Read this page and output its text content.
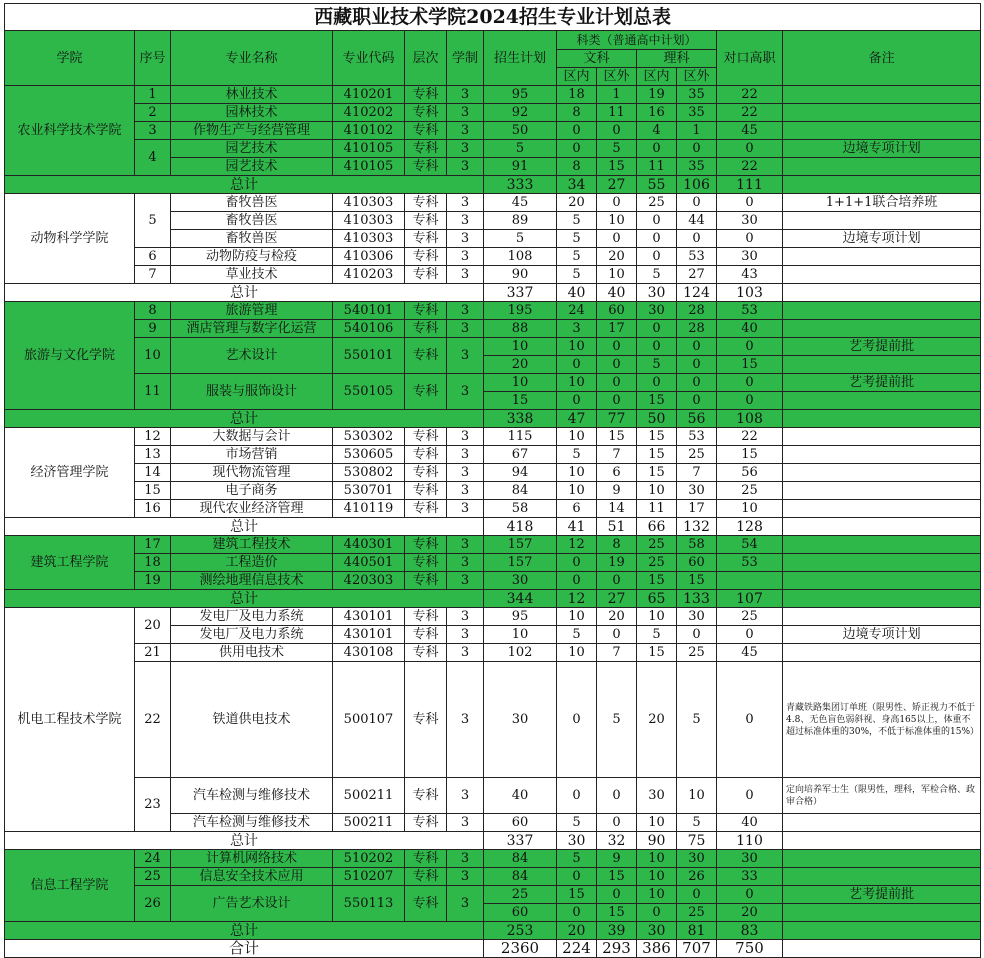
西藏职业技术学院2024招生专业计划总表												
学院	序号	专业名称	专业代码	层次	学制	招生计划	科类（普通高中计划）				对口高职	备注
							文科		理科			
							区内	区外	区内	区外		
农业科学技术学院	1	林业技术	410201	专科	3	95	18	1	19	35	22	
	2	园林技术	410202	专科	3	92	8	11	16	35	22	
	3	作物生产与经营管理	410102	专科	3	50	0	0	4	1	45	
	4	园艺技术	410105	专科	3	5	0	5	0	0	0	边境专项计划
		园艺技术	410105	专科	3	91	8	15	11	35	22	
总计						333	34	27	55	106	111	
动物科学学院	5	畜牧兽医	410303	专科	3	45	20	0	25	0	0	1+1+1联合培养班
		畜牧兽医	410303	专科	3	89	5	10	0	44	30	
		畜牧兽医	410303	专科	3	5	5	0	0	0	0	边境专项计划
	6	动物防疫与检疫	410306	专科	3	108	5	20	0	53	30	
	7	草业技术	410203	专科	3	90	5	10	5	27	43	
总计						337	40	40	30	124	103	
旅游与文化学院	8	旅游管理	540101	专科	3	195	24	60	30	28	53	
	9	酒店管理与数字化运营	540106	专科	3	88	3	17	0	28	40	
	10	艺术设计	550101	专科	3	10	10	0	0	0	0	艺考提前批
						20	0	0	5	0	15	
	11	服装与服饰设计	550105	专科	3	10	10	0	0	0	0	艺考提前批
						15	0	0	15	0	0	
总计						338	47	77	50	56	108	
经济管理学院	12	大数据与会计	530302	专科	3	115	10	15	15	53	22	
	13	市场营销	530605	专科	3	67	5	7	15	25	15	
	14	现代物流管理	530802	专科	3	94	10	6	15	7	56	
	15	电子商务	530701	专科	3	84	10	9	10	30	25	
	16	现代农业经济管理	410119	专科	3	58	6	14	11	17	10	
总计						418	41	51	66	132	128	
建筑工程学院	17	建筑工程技术	440301	专科	3	157	12	8	25	58	54	
	18	工程造价	440501	专科	3	157	0	19	25	60	53	
	19	测绘地理信息技术	420303	专科	3	30	0	0	15	15		
总计						344	12	27	65	133	107	
机电工程技术学院	20	发电厂及电力系统	430101	专科	3	95	10	20	10	30	25	
		发电厂及电力系统	430101	专科	3	10	5	0	5	0	0	边境专项计划
	21	供用电技术	430108	专科	3	102	10	7	15	25	45	
	22	铁道供电技术	500107	专科	3	30	0	5	20	5	0	青藏铁路集团订单班（限男性、矫正视力不低于4.8、无色盲色弱斜视、身高165以上，体重不超过标准体重的30%，不低于标准体重的15%）
	23	汽车检测与维修技术	500211	专科	3	40	0	0	30	10	0	定向培养军士生（限男性，理科，军检合格、政审合格）
		汽车检测与维修技术	500211	专科	3	60	5	0	10	5	40	
总计						337	30	32	90	75	110	
信息工程学院	24	计算机网络技术	510202	专科	3	84	5	9	10	30	30	
	25	信息安全技术应用	510207	专科	3	84	0	15	10	26	33	
	26	广告艺术设计	550113	专科	3	25	15	0	10	0	0	艺考提前批
						60	0	15	0	25	20	
总计						253	20	39	30	81	83	
合计						2360	224	293	386	707	750	
